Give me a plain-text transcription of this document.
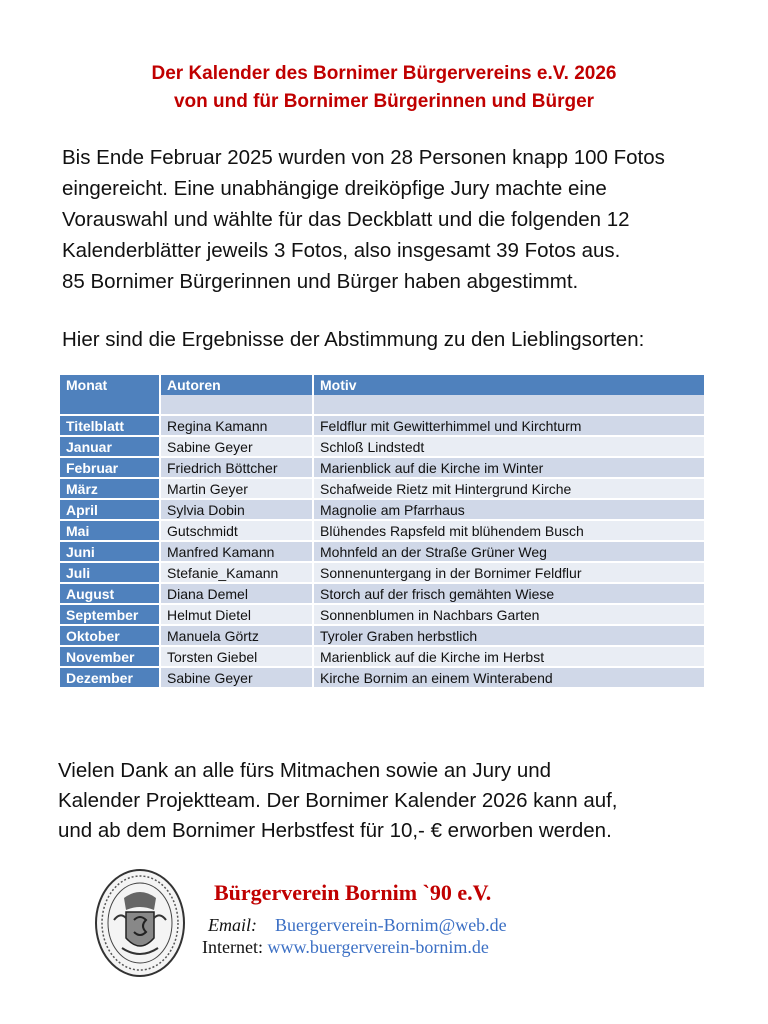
Der Kalender des Bornimer Bürgervereins e.V. 2026
von und für Bornimer Bürgerinnen und Bürger

Bis Ende Februar 2025 wurden von 28 Personen knapp 100 Fotos

eingereicht. Eine unabhängige dreiköpfige Jury machte eine

Vorauswahl und wählte für das Deckblatt und die folgenden 12

Kalenderblätter jeweils 3 Fotos, also insgesamt 39 Fotos aus.

85 Bornimer Bürgerinnen und Bürger haben abgestimmt.

Hier sind die Ergebnisse der Abstimmung zu den Lieblingsorten:

Monat	Autoren	Motiv

Titelblatt	Regina Kamann	Feldflur mit Gewitterhimmel und Kirchturm
Januar	Sabine Geyer	Schloß Lindstedt
Februar	Friedrich Böttcher	Marienblick auf die Kirche im Winter
März	Martin Geyer	Schafweide Rietz mit Hintergrund Kirche
April	Sylvia Dobin	Magnolie am Pfarrhaus
Mai	Gutschmidt	Blühendes Rapsfeld mit blühendem Busch
Juni	Manfred Kamann	Mohnfeld an der Straße Grüner Weg
Juli	Stefanie_Kamann	Sonnenuntergang in der Bornimer Feldflur
August	Diana Demel	Storch auf der frisch gemähten Wiese
September	Helmut Dietel	Sonnenblumen in Nachbars Garten
Oktober	Manuela Görtz	Tyroler Graben herbstlich
November	Torsten Giebel	Marienblick auf die Kirche im Herbst
Dezember	Sabine Geyer	Kirche Bornim an einem Winterabend
Vielen Dank an alle fürs Mitmachen sowie an Jury und
Kalender Projektteam. Der Bornimer Kalender 2026 kann auf,
und ab dem Bornimer Herbstfest für 10,- € erworben werden.
Bürgerverein Bornim `90 e.V.
Email: Buergerverein-Bornim@web.de
Internet: www.buergerverein-bornim.de
